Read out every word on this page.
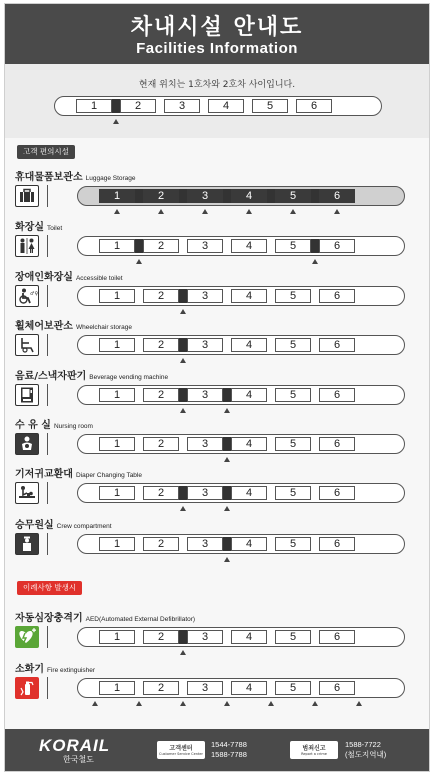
차내시설 안내도
Facilities Information
현재 위치는 1호차와 2호차 사이입니다.
1	2	3	4	5	6
고객 편의시설
이례사항 발생시
휴대물품보관소 Luggage Storage
1	2	3	4	5	6
화장실 Toilet
1	2	3	4	5	6
장애인화장실 Accessible toilet
♂♀	1	2	3	4	5	6
휠체어보관소 Wheelchair storage
1	2	3	4	5	6
음료/스낵자판기 Beverage vending machine
1	2	3	4	5	6
수 유 실 Nursing room
1	2	3	4	5	6
기저귀교환대 Diaper Changing Table
1	2	3	4	5	6
승무원실 Crew compartment
1	2	3	4	5	6
자동심장충격기 AED(Automated External Defibrillator)
1	2	3	4	5	6
소화기 Fire extinguisher
1	2	3	4	5	6
KORAIL
한국철도
고객센터
Customer Service Center
1544-7788
1588-7788
범죄신고
Report a crime
1588-7722
(철도지역내)
